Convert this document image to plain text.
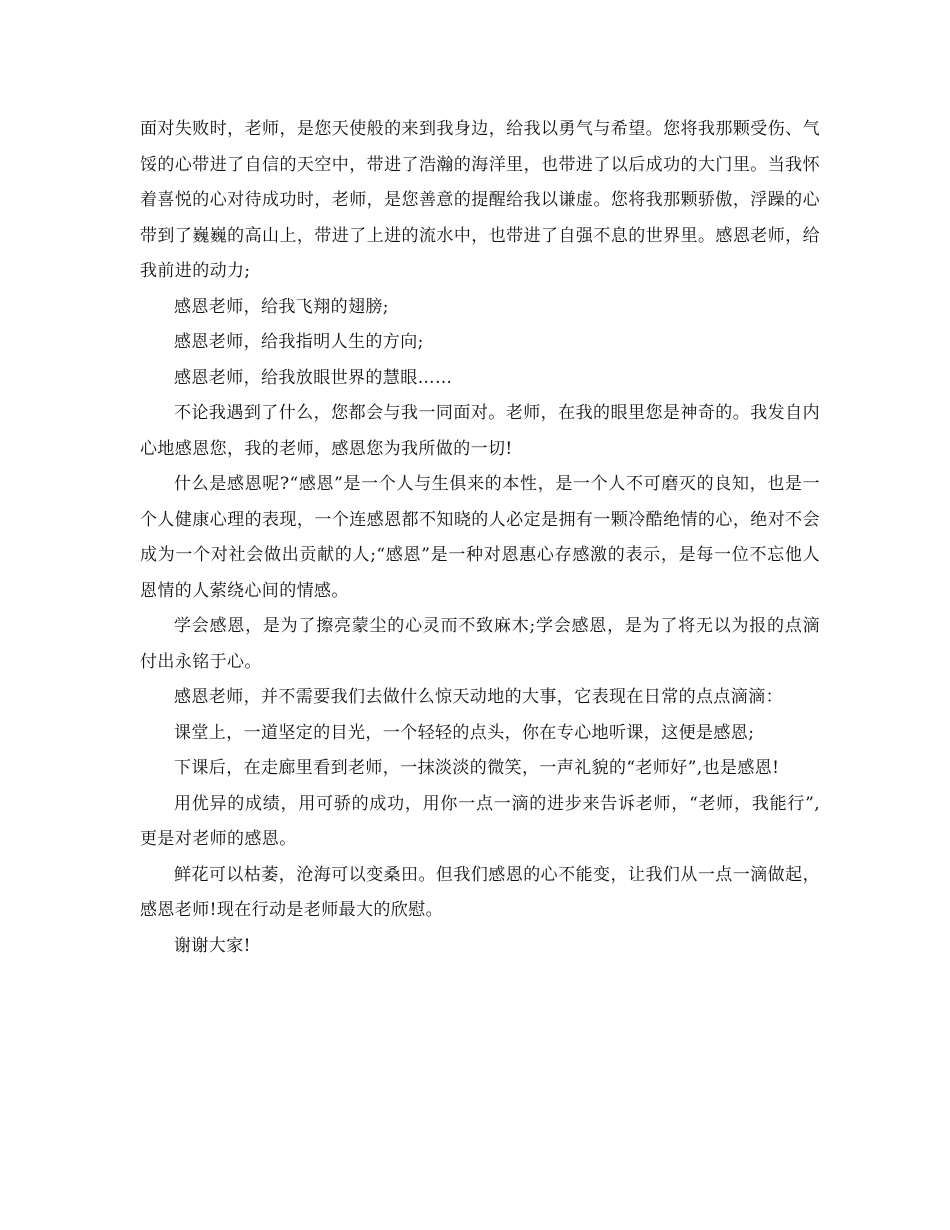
面对失败时，老师，是您天使般的来到我身边，给我以勇气与希望。您将我那颗受伤、气馁的心带进了自信的天空中，带进了浩瀚的海洋里，也带进了以后成功的大门里。当我怀着喜悦的心对待成功时，老师，是您善意的提醒给我以谦虚。您将我那颗骄傲，浮躁的心带到了巍巍的高山上，带进了上进的流水中，也带进了自强不息的世界里。感恩老师，给我前进的动力;

感恩老师，给我飞翔的翅膀;

感恩老师，给我指明人生的方向;

感恩老师，给我放眼世界的慧眼……

不论我遇到了什么，您都会与我一同面对。老师，在我的眼里您是神奇的。我发自内心地感恩您，我的老师，感恩您为我所做的一切!

什么是感恩呢?“感恩”是一个人与生俱来的本性，是一个人不可磨灭的良知，也是一个人健康心理的表现，一个连感恩都不知晓的人必定是拥有一颗冷酷绝情的心，绝对不会成为一个对社会做出贡献的人;“感恩”是一种对恩惠心存感激的表示，是每一位不忘他人恩情的人萦绕心间的情感。

学会感恩，是为了擦亮蒙尘的心灵而不致麻木;学会感恩，是为了将无以为报的点滴付出永铭于心。

感恩老师，并不需要我们去做什么惊天动地的大事，它表现在日常的点点滴滴：

课堂上，一道坚定的目光，一个轻轻的点头，你在专心地听课，这便是感恩;

下课后，在走廊里看到老师，一抹淡淡的微笑，一声礼貌的“老师好”,也是感恩!

用优异的成绩，用可骄的成功，用你一点一滴的进步来告诉老师，“老师，我能行”,更是对老师的感恩。

鲜花可以枯萎，沧海可以变桑田。但我们感恩的心不能变，让我们从一点一滴做起，感恩老师!现在行动是老师最大的欣慰。

谢谢大家!
